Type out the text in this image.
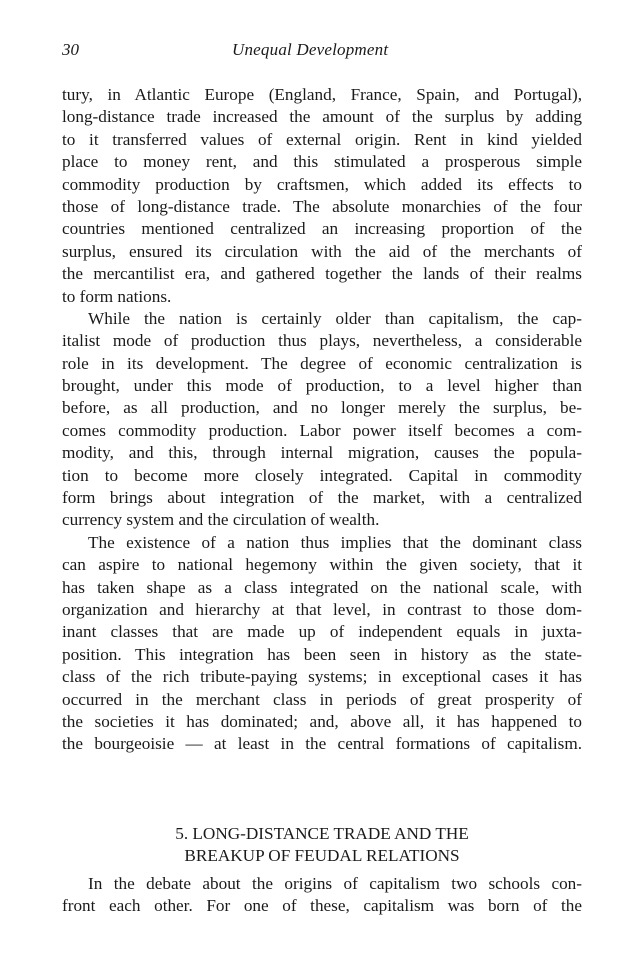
30	Unequal Development
tury, in Atlantic Europe (England, France, Spain, and Portugal),
long-distance trade increased the amount of the surplus by adding
to it transferred values of external origin. Rent in kind yielded
place to money rent, and this stimulated a prosperous simple
commodity production by craftsmen, which added its effects to
those of long-distance trade. The absolute monarchies of the four
countries mentioned centralized an increasing proportion of the
surplus, ensured its circulation with the aid of the merchants of
the mercantilist era, and gathered together the lands of their realms
to form nations.
While the nation is certainly older than capitalism, the cap-
italist mode of production thus plays, nevertheless, a considerable
role in its development. The degree of economic centralization is
brought, under this mode of production, to a level higher than
before, as all production, and no longer merely the surplus, be-
comes commodity production. Labor power itself becomes a com-
modity, and this, through internal migration, causes the popula-
tion to become more closely integrated. Capital in commodity
form brings about integration of the market, with a centralized
currency system and the circulation of wealth.
The existence of a nation thus implies that the dominant class
can aspire to national hegemony within the given society, that it
has taken shape as a class integrated on the national scale, with
organization and hierarchy at that level, in contrast to those dom-
inant classes that are made up of independent equals in juxta-
position. This integration has been seen in history as the state-
class of the rich tribute-paying systems; in exceptional cases it has
occurred in the merchant class in periods of great prosperity of
the societies it has dominated; and, above all, it has happened to
the bourgeoisie — at least in the central formations of capitalism.
5. LONG-DISTANCE TRADE AND THE
BREAKUP OF FEUDAL RELATIONS
In the debate about the origins of capitalism two schools con-
front each other. For one of these, capitalism was born of the
